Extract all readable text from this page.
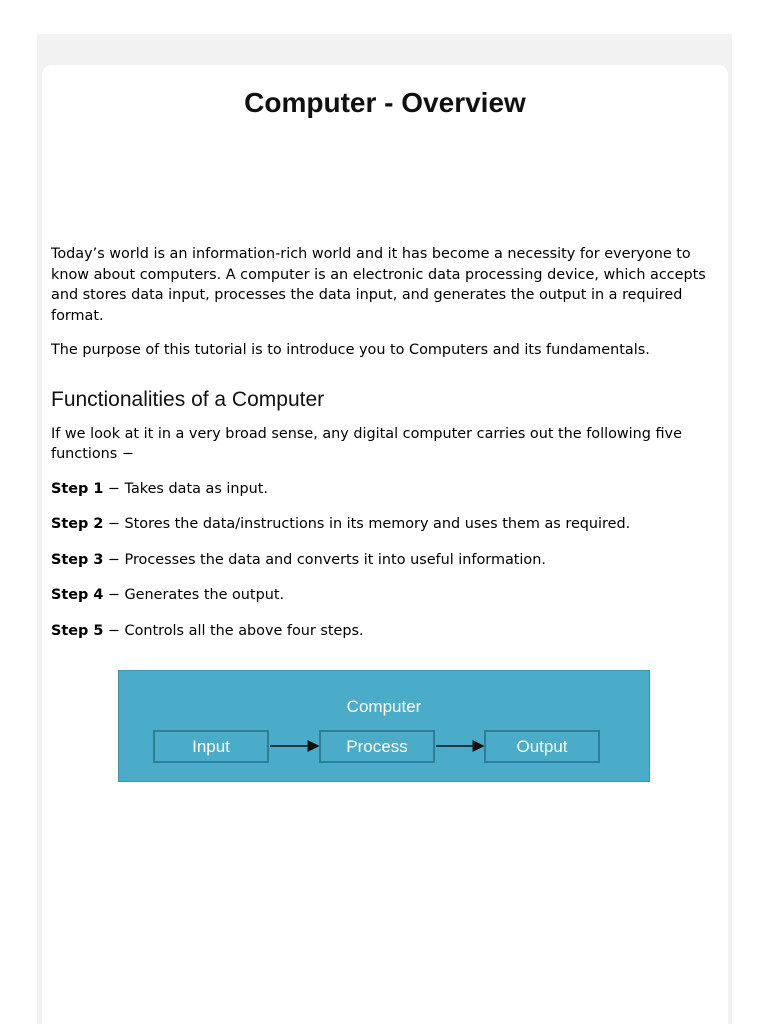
Computer - Overview

Today’s world is an information-rich world and it has become a necessity for everyone to know about computers. A computer is an electronic data processing device, which accepts and stores data input, processes the data input, and generates the output in a required format.

The purpose of this tutorial is to introduce you to Computers and its fundamentals.

Functionalities of a Computer

If we look at it in a very broad sense, any digital computer carries out the following five functions −

Step 1 − Takes data as input.
Step 2 − Stores the data/instructions in its memory and uses them as required.
Step 3 − Processes the data and converts it into useful information.
Step 4 − Generates the output.
Step 5 − Controls all the above four steps.
Computer
Input	Process	Output
